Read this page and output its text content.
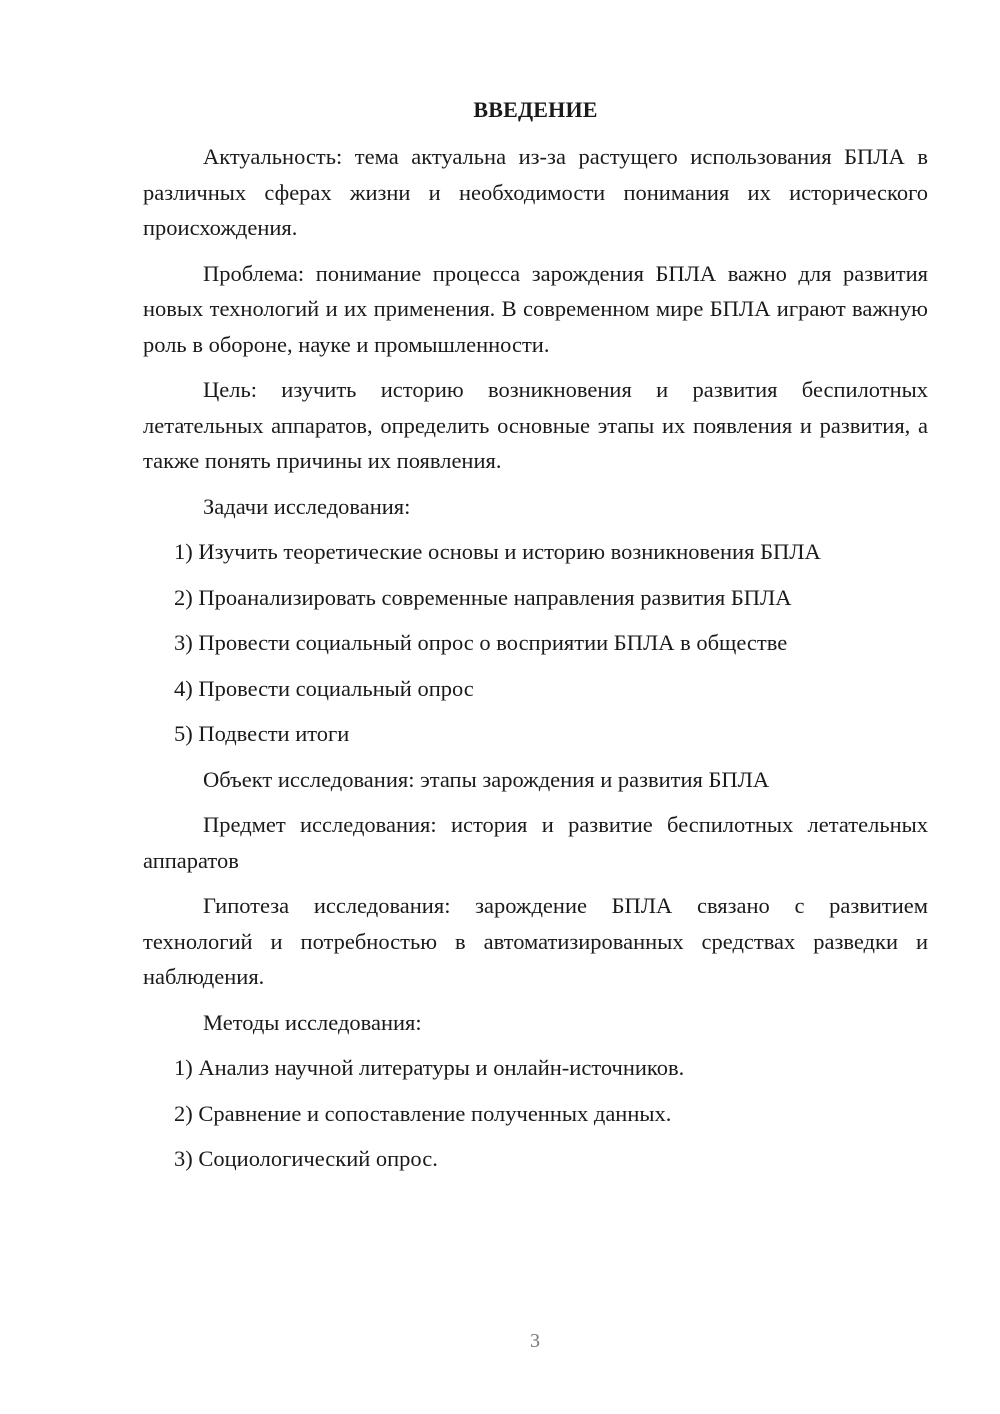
ВВЕДЕНИЕ

Актуальность: тема актуальна из-за растущего использования БПЛА в различных сферах жизни и необходимости понимания их исторического происхождения.

Проблема: понимание процесса зарождения БПЛА важно для развития новых технологий и их применения. В современном мире БПЛА играют важную роль в обороне, науке и промышленности.

Цель: изучить историю возникновения и развития беспилотных летательных аппаратов, определить основные этапы их появления и развития, а также понять причины их появления.

Задачи исследования:

1) Изучить теоретические основы и историю возникновения БПЛА
2) Проанализировать современные направления развития БПЛА
3) Провести социальный опрос о восприятии БПЛА в обществе
4) Провести социальный опрос
5) Подвести итоги

Объект исследования: этапы зарождения и развития БПЛА

Предмет исследования: история и развитие беспилотных летательных аппаратов

Гипотеза исследования: зарождение БПЛА связано с развитием технологий и потребностью в автоматизированных средствах разведки и наблюдения.

Методы исследования:

1) Анализ научной литературы и онлайн-источников.
2) Сравнение и сопоставление полученных данных.
3) Социологический опрос.
3
